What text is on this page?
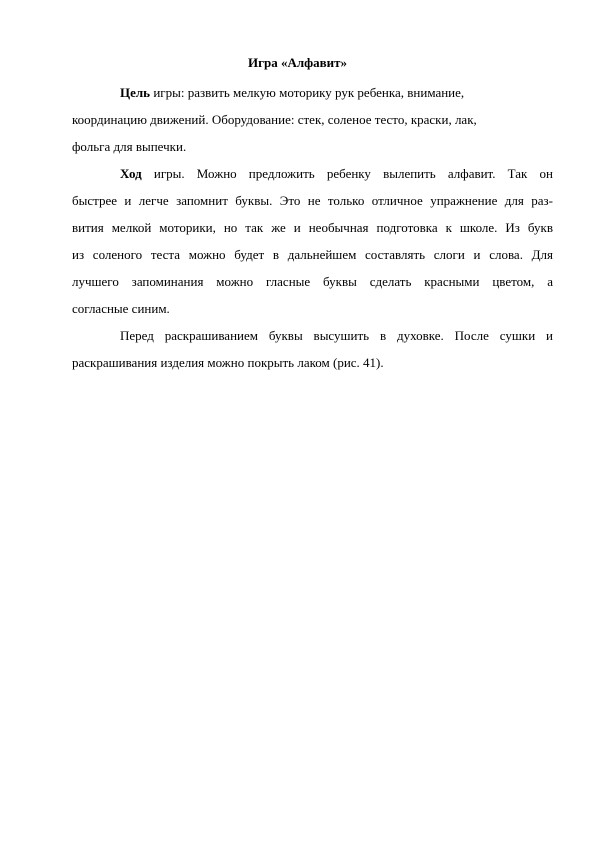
Игра «Алфавит»
Цель игры: развить мелкую моторику рук ребенка, внимание,
координацию движений. Оборудование: стек, соленое тесто, краски, лак,
фольга для выпечки.
Ход игры. Можно предложить ребенку вылепить алфавит. Так он
быстрее и легче запомнит буквы. Это не только отличное упражнение для раз-
вития мелкой моторики, но так же и необычная подготовка к школе. Из букв
из соленого теста можно будет в дальнейшем составлять слоги и слова. Для
лучшего запоминания можно гласные буквы сделать красными цветом, а
согласные синим.
Перед раскрашиванием буквы высушить в духовке. После сушки и
раскрашивания изделия можно покрыть лаком (рис. 41).
